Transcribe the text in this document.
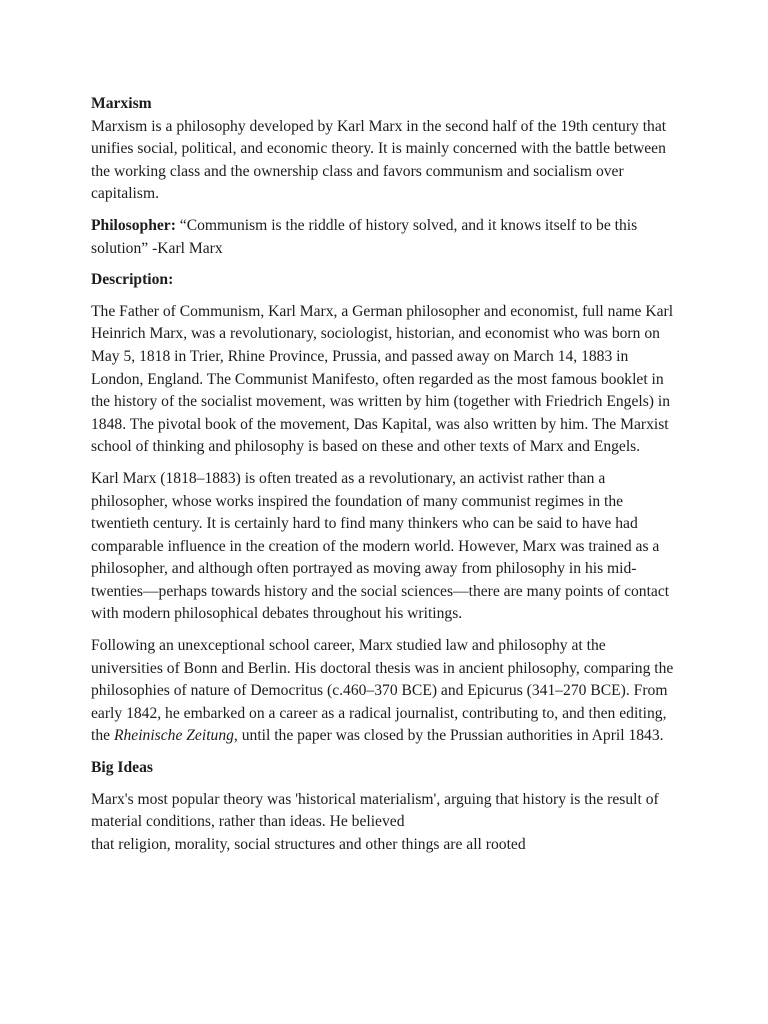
Marxism

Marxism is a philosophy developed by Karl Marx in the second half of the 19th century that unifies social, political, and economic theory. It is mainly concerned with the battle between the working class and the ownership class and favors communism and socialism over capitalism.

Philosopher: “Communism is the riddle of history solved, and it knows itself to be this solution” -Karl Marx

Description:

The Father of Communism, Karl Marx, a German philosopher and economist, full name Karl Heinrich Marx, was a revolutionary, sociologist, historian, and economist who was born on May 5, 1818 in Trier, Rhine Province, Prussia, and passed away on March 14, 1883 in London, England. The Communist Manifesto, often regarded as the most famous booklet in the history of the socialist movement, was written by him (together with Friedrich Engels) in 1848. The pivotal book of the movement, Das Kapital, was also written by him. The Marxist school of thinking and philosophy is based on these and other texts of Marx and Engels.

Karl Marx (1818–1883) is often treated as a revolutionary, an activist rather than a philosopher, whose works inspired the foundation of many communist regimes in the twentieth century. It is certainly hard to find many thinkers who can be said to have had comparable influence in the creation of the modern world. However, Marx was trained as a philosopher, and although often portrayed as moving away from philosophy in his mid-twenties—perhaps towards history and the social sciences—there are many points of contact with modern philosophical debates throughout his writings.

Following an unexceptional school career, Marx studied law and philosophy at the universities of Bonn and Berlin. His doctoral thesis was in ancient philosophy, comparing the philosophies of nature of Democritus (c.460–370 BCE) and Epicurus (341–270 BCE). From early 1842, he embarked on a career as a radical journalist, contributing to, and then editing, the Rheinische Zeitung, until the paper was closed by the Prussian authorities in April 1843.

Big Ideas

Marx's most popular theory was 'historical materialism', arguing that history is the result of material conditions, rather than ideas. He believed
that religion, morality, social structures and other things are all rooted
